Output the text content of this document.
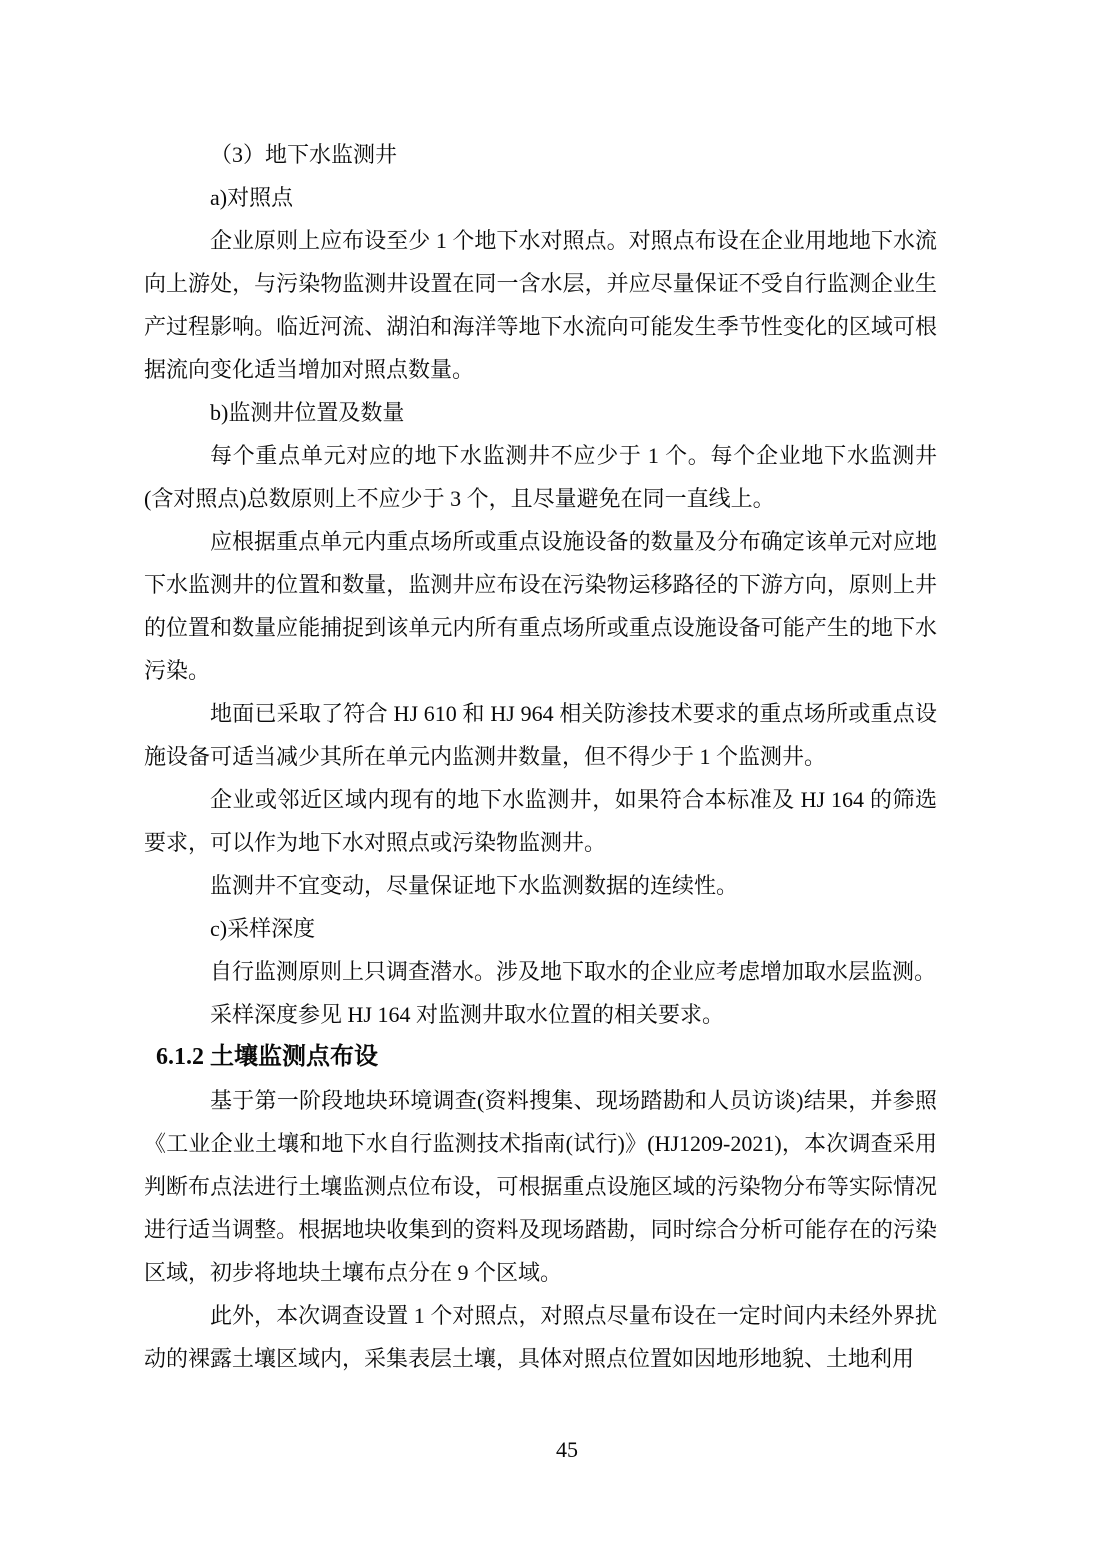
（3）地下水监测井

a)对照点

企业原则上应布设至少 1 个地下水对照点。对照点布设在企业用地地下水流向上游处，与污染物监测井设置在同一含水层，并应尽量保证不受自行监测企业生产过程影响。临近河流、湖泊和海洋等地下水流向可能发生季节性变化的区域可根据流向变化适当增加对照点数量。

b)监测井位置及数量

每个重点单元对应的地下水监测井不应少于 1 个。每个企业地下水监测井(含对照点)总数原则上不应少于 3 个，且尽量避免在同一直线上。

应根据重点单元内重点场所或重点设施设备的数量及分布确定该单元对应地下水监测井的位置和数量，监测井应布设在污染物运移路径的下游方向，原则上井的位置和数量应能捕捉到该单元内所有重点场所或重点设施设备可能产生的地下水污染。

地面已采取了符合 HJ 610 和 HJ 964 相关防渗技术要求的重点场所或重点设施设备可适当减少其所在单元内监测井数量，但不得少于 1 个监测井。

企业或邻近区域内现有的地下水监测井，如果符合本标准及 HJ 164 的筛选要求，可以作为地下水对照点或污染物监测井。

监测井不宜变动，尽量保证地下水监测数据的连续性。

c)采样深度

自行监测原则上只调查潜水。涉及地下取水的企业应考虑增加取水层监测。

采样深度参见 HJ 164 对监测井取水位置的相关要求。

6.1.2 土壤监测点布设

基于第一阶段地块环境调查(资料搜集、现场踏勘和人员访谈)结果，并参照《工业企业土壤和地下水自行监测技术指南(试行)》(HJ1209-2021)，本次调查采用判断布点法进行土壤监测点位布设，可根据重点设施区域的污染物分布等实际情况进行适当调整。根据地块收集到的资料及现场踏勘，同时综合分析可能存在的污染区域，初步将地块土壤布点分在 9 个区域。

此外，本次调查设置 1 个对照点，对照点尽量布设在一定时间内未经外界扰动的裸露土壤区域内，采集表层土壤，具体对照点位置如因地形地貌、土地利用

45
